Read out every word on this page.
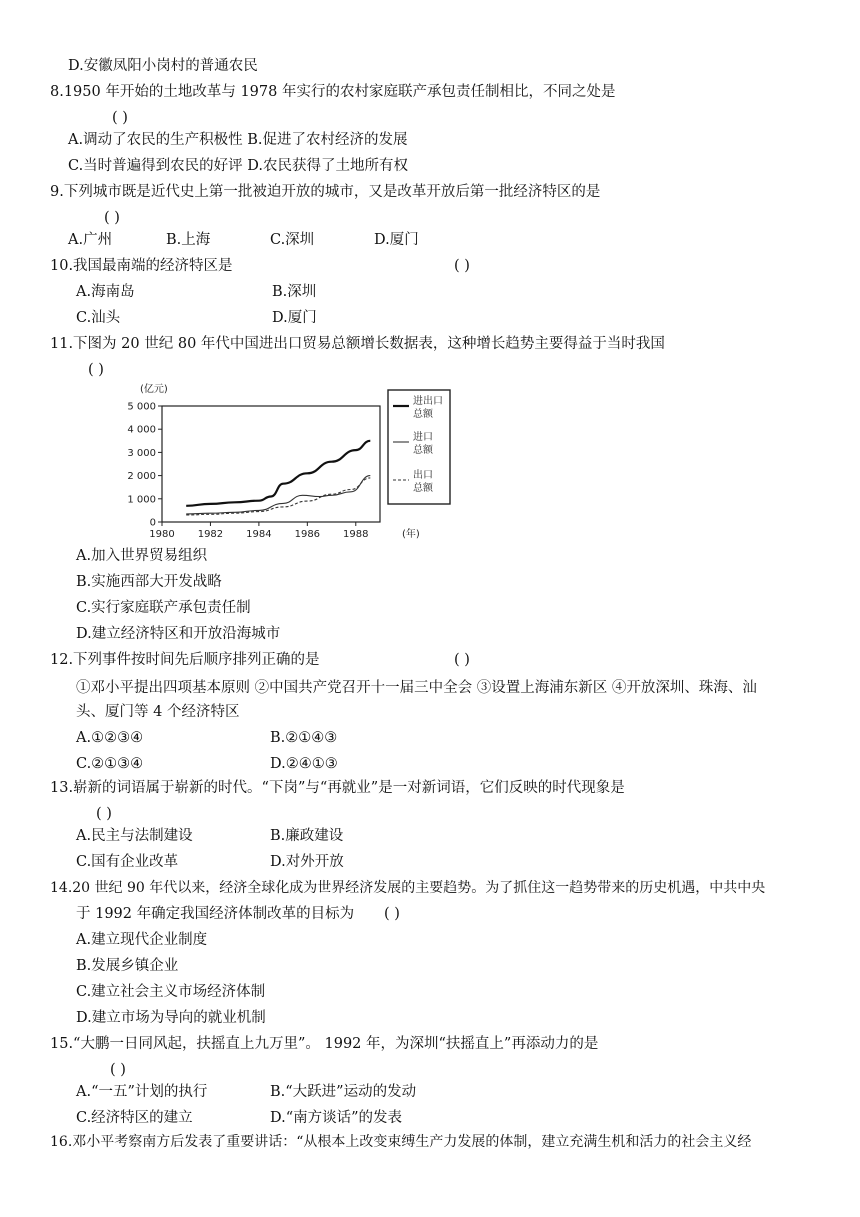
D.安徽凤阳小岗村的普通农民
8.1950 年开始的土地改革与 1978 年实行的农村家庭联产承包责任制相比，不同之处是
( )
A.调动了农民的生产积极性 B.促进了农村经济的发展
C.当时普遍得到农民的好评 D.农民获得了土地所有权
9.下列城市既是近代史上第一批被迫开放的城市，又是改革开放后第一批经济特区的是
( )
A.广州	B.上海	C.深圳	D.厦门
10.我国最南端的经济特区是	( )
A.海南岛	B.深圳
C.汕头	D.厦门
11.下图为 20 世纪 80 年代中国进出口贸易总额增长数据表，这种增长趋势主要得益于当时我国
( )
(亿元)
5 000
4 000
3 000
2 000
1 000
0
1980 1982 1984 1986 1988	(年)
进出口
总额
进口
总额
出口
总额
A.加入世界贸易组织
B.实施西部大开发战略
C.实行家庭联产承包责任制
D.建立经济特区和开放沿海城市
12.下列事件按时间先后顺序排列正确的是	( )
①邓小平提出四项基本原则 ②中国共产党召开十一届三中全会 ③设置上海浦东新区 ④开放深圳、珠海、汕
头、厦门等 4 个经济特区
A.①②③④	B.②①④③
C.②①③④	D.②④①③
13.崭新的词语属于崭新的时代。“下岗”与“再就业”是一对新词语，它们反映的时代现象是
( )
A.民主与法制建设	B.廉政建设
C.国有企业改革	D.对外开放
14.20 世纪 90 年代以来，经济全球化成为世界经济发展的主要趋势。为了抓住这一趋势带来的历史机遇，中共中央
于 1992 年确定我国经济体制改革的目标为 ( )
A.建立现代企业制度
B.发展乡镇企业
C.建立社会主义市场经济体制
D.建立市场为导向的就业机制
15.“大鹏一日同风起，扶摇直上九万里”。 1992 年，为深圳“扶摇直上”再添动力的是
( )
A.“一五”计划的执行	B.“大跃进”运动的发动
C.经济特区的建立	D.“南方谈话”的发表
16.邓小平考察南方后发表了重要讲话：“从根本上改变束缚生产力发展的体制，建立充满生机和活力的社会主义经
